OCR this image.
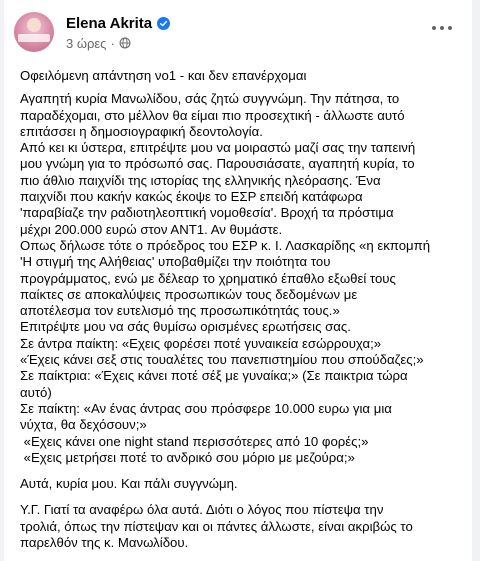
Elena Akrita
3 ώρες ·
Οφειλόμενη απάντηση νο1 - και δεν επανέρχομαι
Αγαπητή κυρία Μανωλίδου, σάς ζητώ συγγνώμη. Την πάτησα, το
παραδέχομαι, στο μέλλον θα είμαι πιο προσεχτική - άλλωστε αυτό
επιτάσσει η δημοσιογραφική δεοντολογία.
Από κει κι ύστερα, επιτρέψτε μου να μοιραστώ μαζί σας την ταπεινή
μου γνώμη για το πρόσωπό σας. Παρουσιάσατε, αγαπητή κυρία, το
πιο άθλιο παιχνίδι της ιστορίας της ελληνικής ηλεόρασης. Ένα
παιχνίδι που κακήν κακώς έκοψε το ΕΣΡ επειδή κατάφωρα
'παραβίαζε την ραδιοτηλεοπτική νομοθεσία'. Βροχή τα πρόστιμα
μέχρι 200.000 ευρώ στον ΑΝΤ1. Αν θυμάστε.
Οπως δήλωσε τότε ο πρόεδρος του ΕΣΡ κ. Ι. Λασκαρίδης «η εκπομπή
'Η στιγμή της Αλήθειας' υποβαθμίζει την ποιότητα του
προγράμματος, ενώ με δέλεαρ το χρηματικό έπαθλο εξωθεί τους
παίκτες σε αποκαλύψεις προσωπικών τους δεδομένων με
αποτέλεσμα τον ευτελισμό της προσωπικότητάς τους.»
Επιτρέψτε μου να σάς θυμίσω ορισμένες ερωτήσεις σας.
Σε άντρα παίκτη: «Εχεις φορέσει ποτέ γυναικεία εσώρρουχα;»
«Έχεις κάνει σεξ στις τουαλέτες του πανεπιστημίου που σπούδαζες;»
Σε παίκτρια: «Έχεις κάνει ποτέ σέξ με γυναίκα;» (Σε παικτρια τώρα
αυτό)
Σε παίκτη: «Αν ένας άντρας σου πρόσφερε 10.000 ευρω για μια
νύχτα, θα δεχόσουν;»
«Εχεις κάνει one night stand περισσότερες από 10 φορές;»
«Εχεις μετρήσει ποτέ το ανδρικό σου μόριο με μεζούρα;»
Αυτά, κυρία μου. Και πάλι συγγνώμη.
Υ.Γ. Γιατί τα αναφέρω όλα αυτά. Διότι ο λόγος που πίστεψα την
τρολιά, όπως την πίστεψαν και οι πάντες άλλωστε, είναι ακριβώς το
παρελθόν της κ. Μανωλίδου.
